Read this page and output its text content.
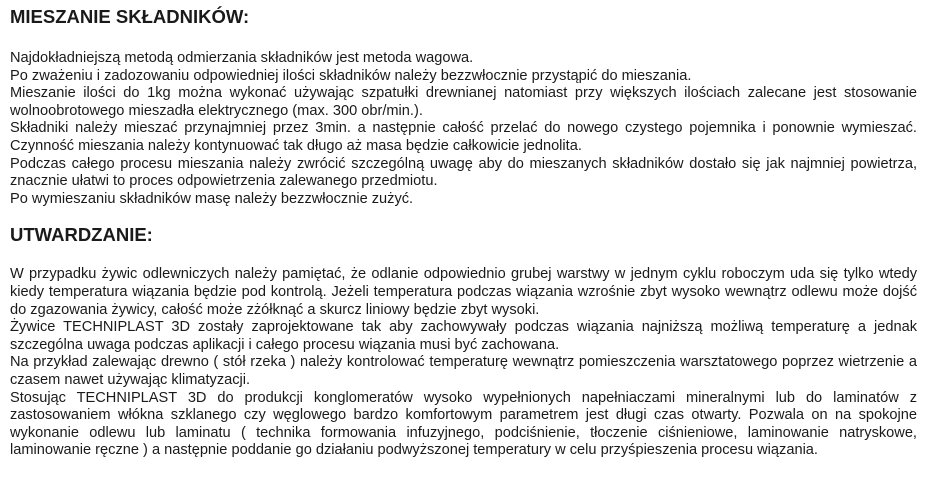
MIESZANIE SKŁADNIKÓW:

Najdokładniejszą metodą odmierzania składników jest metoda wagowa.

Po zważeniu i zadozowaniu odpowiedniej ilości składników należy bezzwłocznie przystąpić do mieszania.

Mieszanie ilości do 1kg można wykonać używając szpatułki drewnianej natomiast przy większych ilościach zalecane jest stosowanie wolnoobrotowego mieszadła elektrycznego (max. 300 obr/min.).

Składniki należy mieszać przynajmniej przez 3min. a następnie całość przelać do nowego czystego pojemnika i ponownie wymieszać. Czynność mieszania należy kontynuować tak długo aż masa będzie całkowicie jednolita.

Podczas całego procesu mieszania należy zwrócić szczególną uwagę aby do mieszanych składników dostało się jak najmniej powietrza, znacznie ułatwi to proces odpowietrzenia zalewanego przedmiotu.

Po wymieszaniu składników masę należy bezzwłocznie zużyć.

UTWARDZANIE:

W przypadku żywic odlewniczych należy pamiętać, że odlanie odpowiednio grubej warstwy w jednym cyklu roboczym uda się tylko wtedy kiedy temperatura wiązania będzie pod kontrolą. Jeżeli temperatura podczas wiązania wzrośnie zbyt wysoko wewnątrz odlewu może dojść do zgazowania żywicy, całość może zżółknąć a skurcz liniowy będzie zbyt wysoki.

Żywice TECHNIPLAST 3D zostały zaprojektowane tak aby zachowywały podczas wiązania najniższą możliwą temperaturę a jednak szczególna uwaga podczas aplikacji i całego procesu wiązania musi być zachowana.

Na przykład zalewając drewno ( stół rzeka ) należy kontrolować temperaturę wewnątrz pomieszczenia warsztatowego poprzez wietrzenie a czasem nawet używając klimatyzacji.

Stosując TECHNIPLAST 3D do produkcji konglomeratów wysoko wypełnionych napełniaczami mineralnymi lub do laminatów z zastosowaniem włókna szklanego czy węglowego bardzo komfortowym parametrem jest długi czas otwarty. Pozwala on na spokojne wykonanie odlewu lub laminatu ( technika formowania infuzyjnego, podciśnienie, tłoczenie ciśnieniowe, laminowanie natryskowe, laminowanie ręczne ) a następnie poddanie go działaniu podwyższonej temperatury w celu przyśpieszenia procesu wiązania.
